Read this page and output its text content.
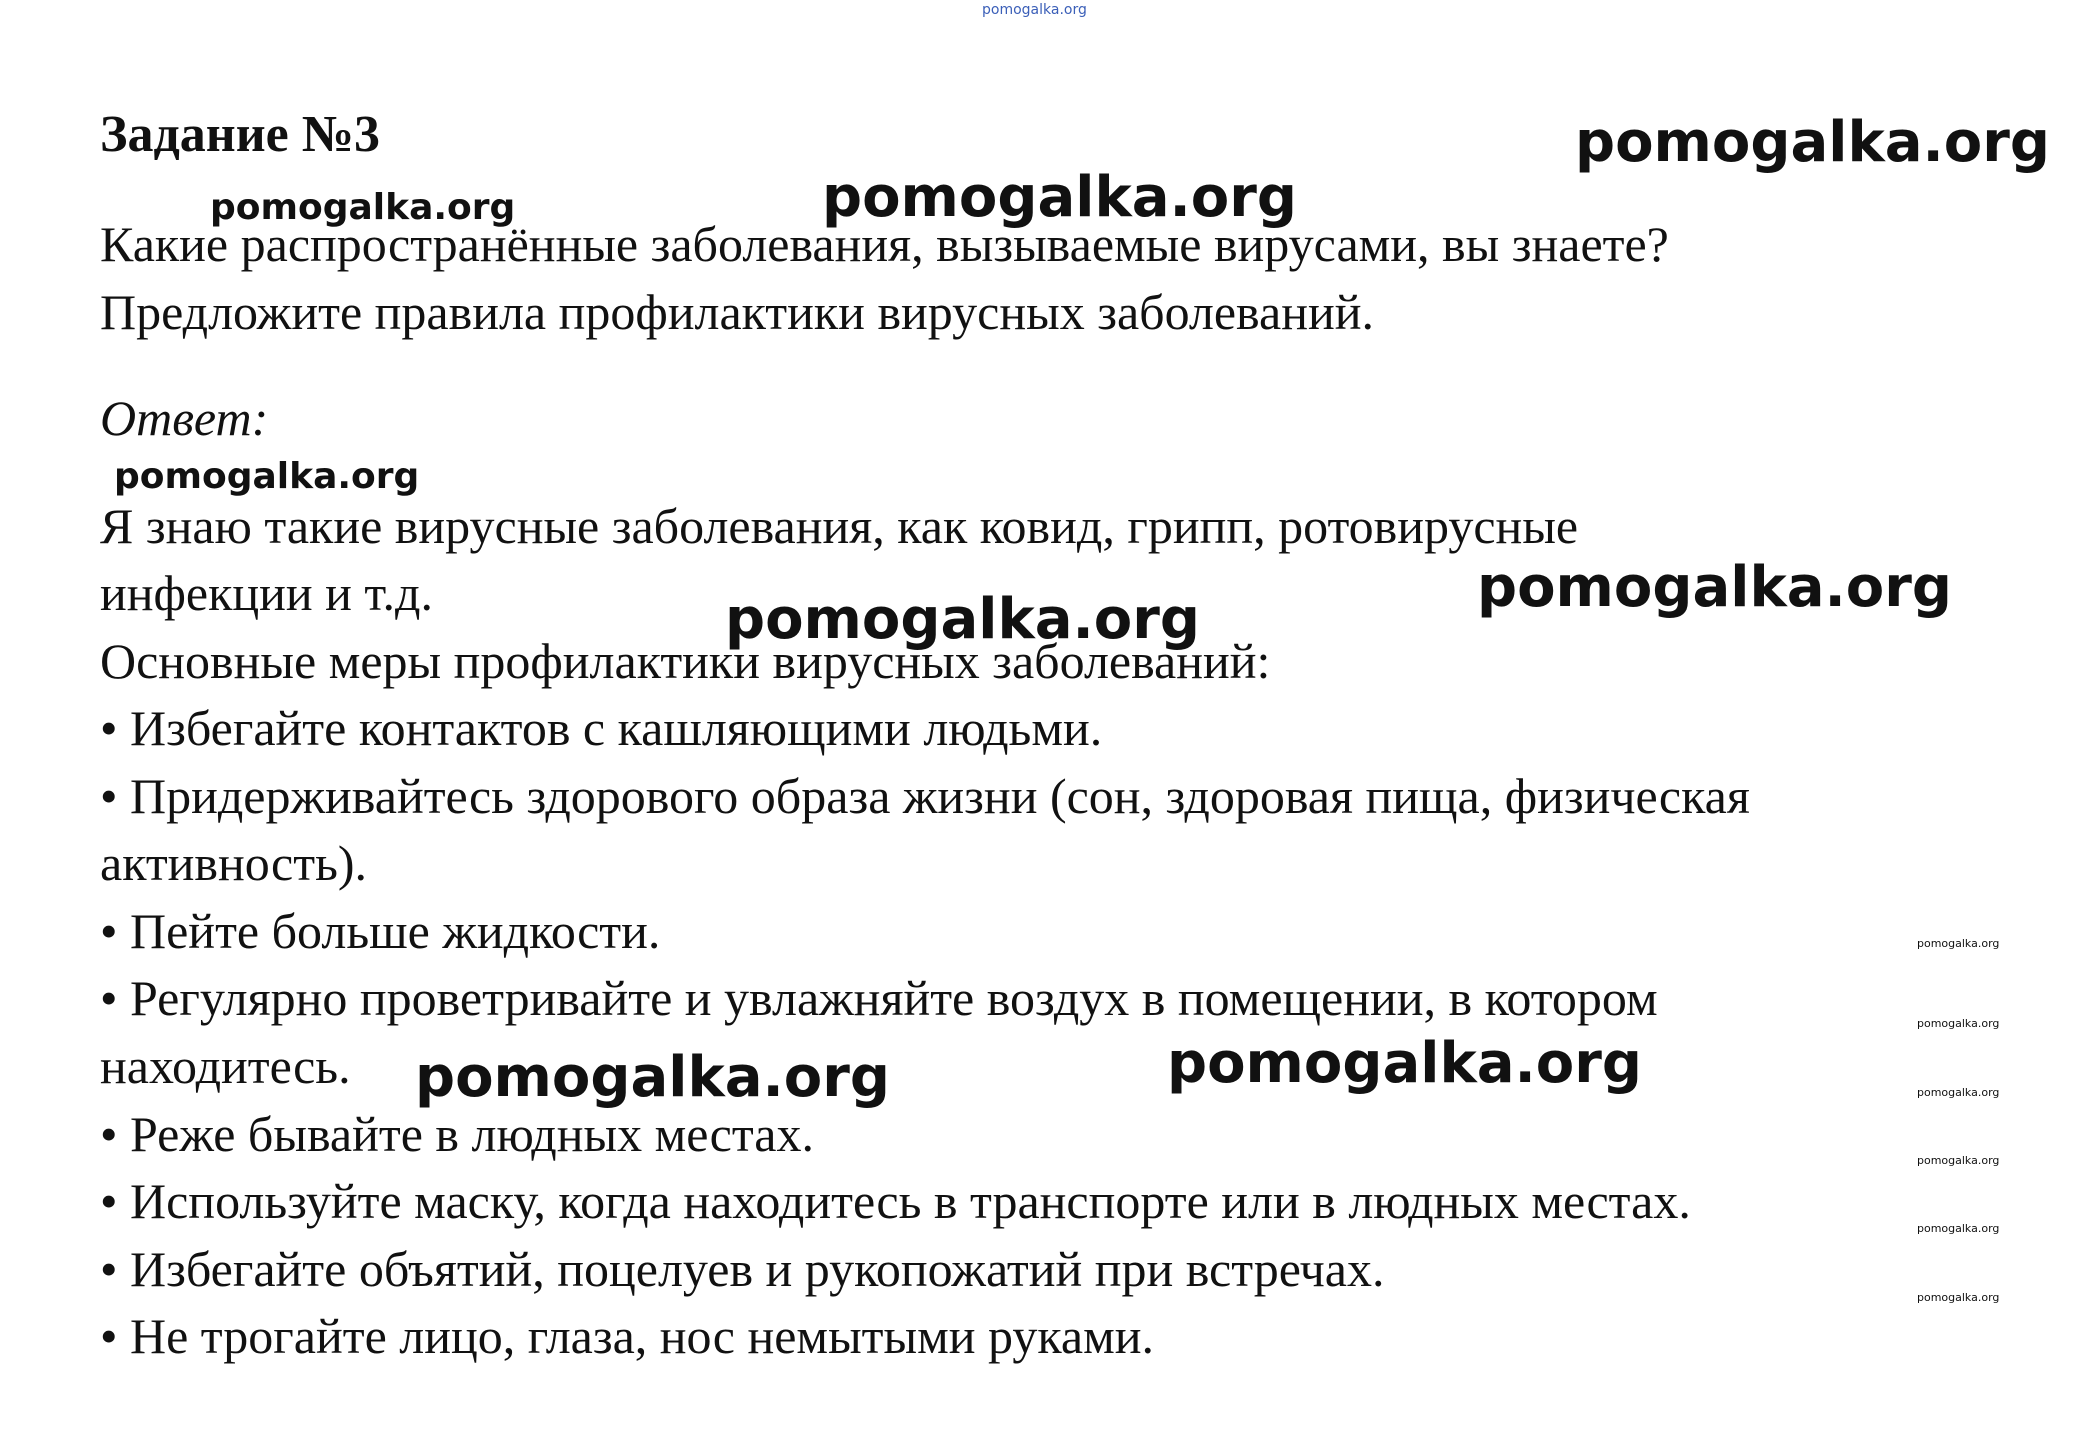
pomogalka.org
Задание №3

Какие распространённые заболевания, вызываемые вирусами, вы знаете?

Предложите правила профилактики вирусных заболеваний.

Ответ:

Я знаю такие вирусные заболевания, как ковид, грипп, ротовирусные

инфекции и т.д.

Основные меры профилактики вирусных заболеваний:

• Избегайте контактов с кашляющими людьми.

• Придерживайтесь здорового образа жизни (сон, здоровая пища, физическая

активность).

• Пейте больше жидкости.

• Регулярно проветривайте и увлажняйте воздух в помещении, в котором

находитесь.

• Реже бывайте в людных местах.

• Используйте маску, когда находитесь в транспорте или в людных местах.

• Избегайте объятий, поцелуев и рукопожатий при встречах.

• Не трогайте лицо, глаза, нос немытыми руками.

pomogalka.org
pomogalka.org
pomogalka.org
pomogalka.org
pomogalka.org
pomogalka.org
pomogalka.org
pomogalka.org
pomogalka.org
pomogalka.org
pomogalka.org
pomogalka.org
pomogalka.org
pomogalka.org
